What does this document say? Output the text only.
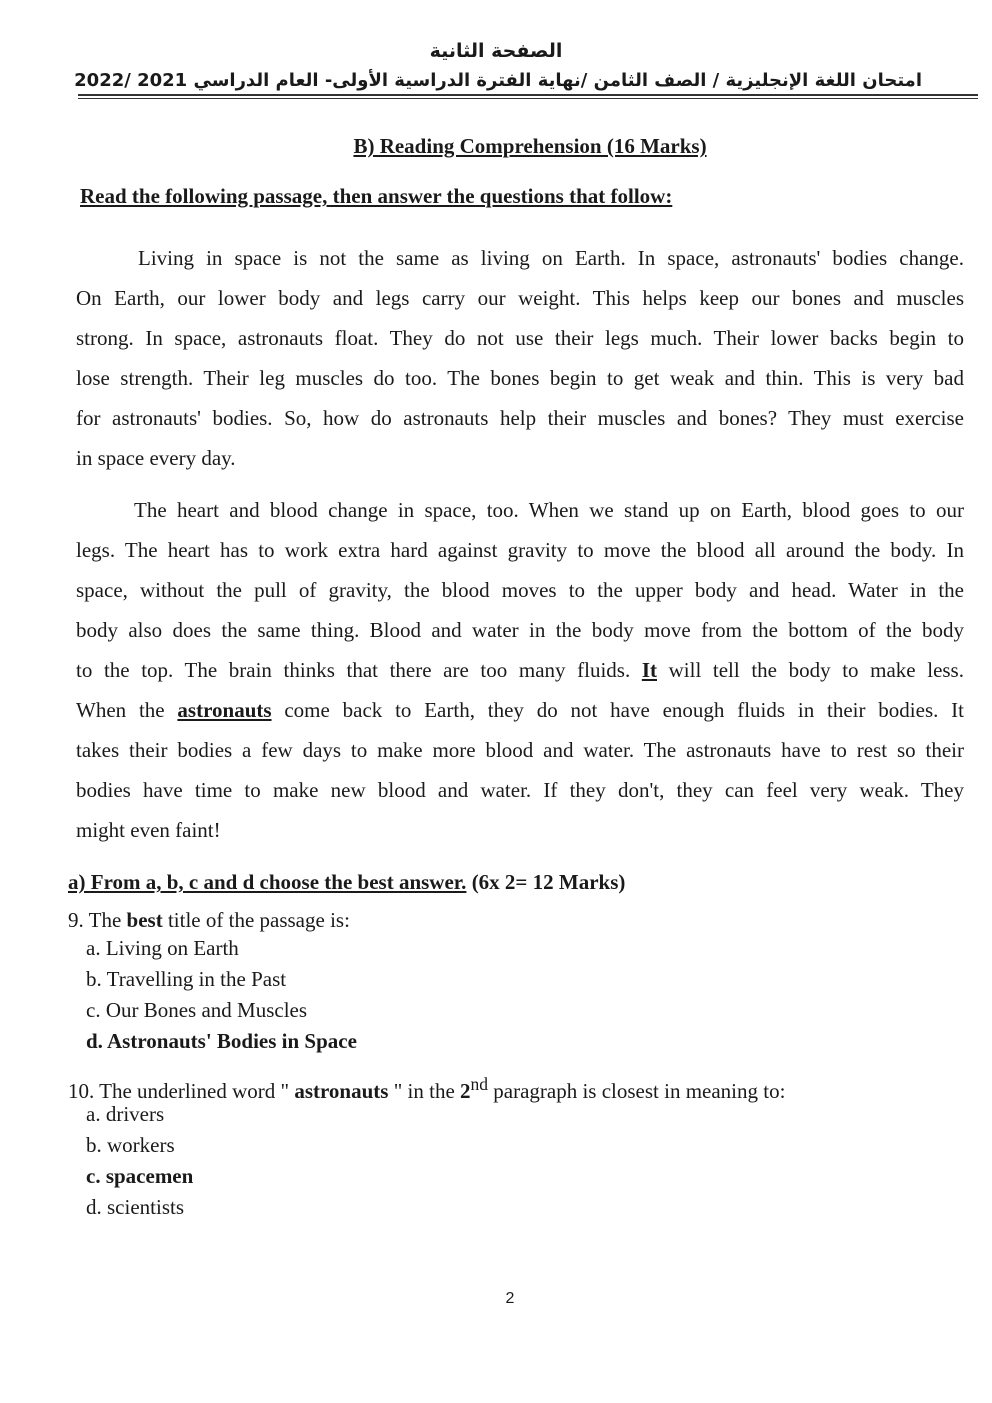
الصفحة الثانية
امتحان اللغة الإنجليزية / الصف الثامن /نهاية الفترة الدراسية الأولى- العام الدراسي 2021 /2022
B) Reading Comprehension (16 Marks)
Read the following passage, then answer the questions that follow:
Living in space is not the same as living on Earth. In space, astronauts' bodies change.
On Earth, our lower body and legs carry our weight. This helps keep our bones and muscles
strong. In space, astronauts float. They do not use their legs much. Their lower backs begin to
lose strength. Their leg muscles do too. The bones begin to get weak and thin. This is very bad
for astronauts' bodies. So, how do astronauts help their muscles and bones? They must exercise
in space every day.
The heart and blood change in space, too. When we stand up on Earth, blood goes to our
legs. The heart has to work extra hard against gravity to move the blood all around the body. In
space, without the pull of gravity, the blood moves to the upper body and head. Water in the
body also does the same thing. Blood and water in the body move from the bottom of the body
to the top. The brain thinks that there are too many fluids. It will tell the body to make less.
When the astronauts come back to Earth, they do not have enough fluids in their bodies. It
takes their bodies a few days to make more blood and water. The astronauts have to rest so their
bodies have time to make new blood and water. If they don't, they can feel very weak. They
might even faint!
a) From a, b, c and d choose the best answer. (6x 2= 12 Marks)
9. The best title of the passage is:
a. Living on Earth
b. Travelling in the Past
c. Our Bones and Muscles
d. Astronauts' Bodies in Space
10. The underlined word " astronauts " in the 2nd paragraph is closest in meaning to:
a. drivers
b. workers
c. spacemen
d. scientists
2
